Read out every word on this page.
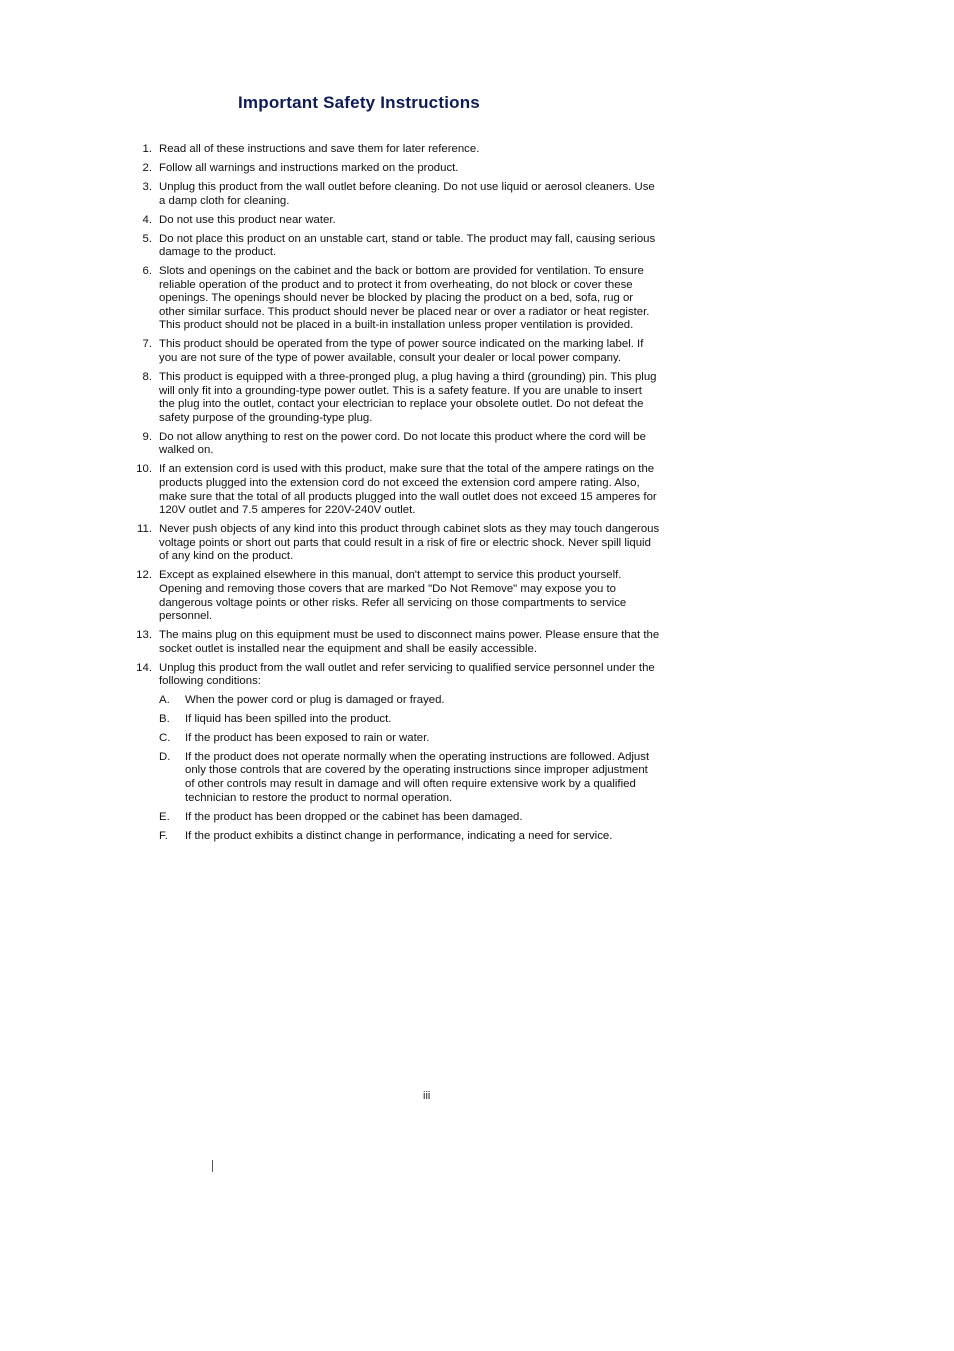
Important Safety Instructions
1. Read all of these instructions and save them for later reference.
2. Follow all warnings and instructions marked on the product.
3. Unplug this product from the wall outlet before cleaning. Do not use liquid or aerosol cleaners. Use a damp cloth for cleaning.
4. Do not use this product near water.
5. Do not place this product on an unstable cart, stand or table. The product may fall, causing serious damage to the product.
6. Slots and openings on the cabinet and the back or bottom are provided for ventilation. To ensure reliable operation of the product and to protect it from overheating, do not block or cover these openings. The openings should never be blocked by placing the product on a bed, sofa, rug or other similar surface. This product should never be placed near or over a radiator or heat register. This product should not be placed in a built-in installation unless proper ventilation is provided.
7. This product should be operated from the type of power source indicated on the marking label. If you are not sure of the type of power available, consult your dealer or local power company.
8. This product is equipped with a three-pronged plug, a plug having a third (grounding) pin. This plug will only fit into a grounding-type power outlet. This is a safety feature. If you are unable to insert the plug into the outlet, contact your electrician to replace your obsolete outlet. Do not defeat the safety purpose of the grounding-type plug.
9. Do not allow anything to rest on the power cord. Do not locate this product where the cord will be walked on.
10. If an extension cord is used with this product, make sure that the total of the ampere ratings on the products plugged into the extension cord do not exceed the extension cord ampere rating. Also, make sure that the total of all products plugged into the wall outlet does not exceed 15 amperes for 120V outlet and 7.5 amperes for 220V-240V outlet.
11. Never push objects of any kind into this product through cabinet slots as they may touch dangerous voltage points or short out parts that could result in a risk of fire or electric shock. Never spill liquid of any kind on the product.
12. Except as explained elsewhere in this manual, don't attempt to service this product yourself. Opening and removing those covers that are marked "Do Not Remove" may expose you to dangerous voltage points or other risks. Refer all servicing on those compartments to service personnel.
13. The mains plug on this equipment must be used to disconnect mains power. Please ensure that the socket outlet is installed near the equipment and shall be easily accessible.
14. Unplug this product from the wall outlet and refer servicing to qualified service personnel under the following conditions:
A. When the power cord or plug is damaged or frayed.
B. If liquid has been spilled into the product.
C. If the product has been exposed to rain or water.
D. If the product does not operate normally when the operating instructions are followed. Adjust only those controls that are covered by the operating instructions since improper adjustment of other controls may result in damage and will often require extensive work by a qualified technician to restore the product to normal operation.
E. If the product has been dropped or the cabinet has been damaged.
F. If the product exhibits a distinct change in performance, indicating a need for service.
iii
